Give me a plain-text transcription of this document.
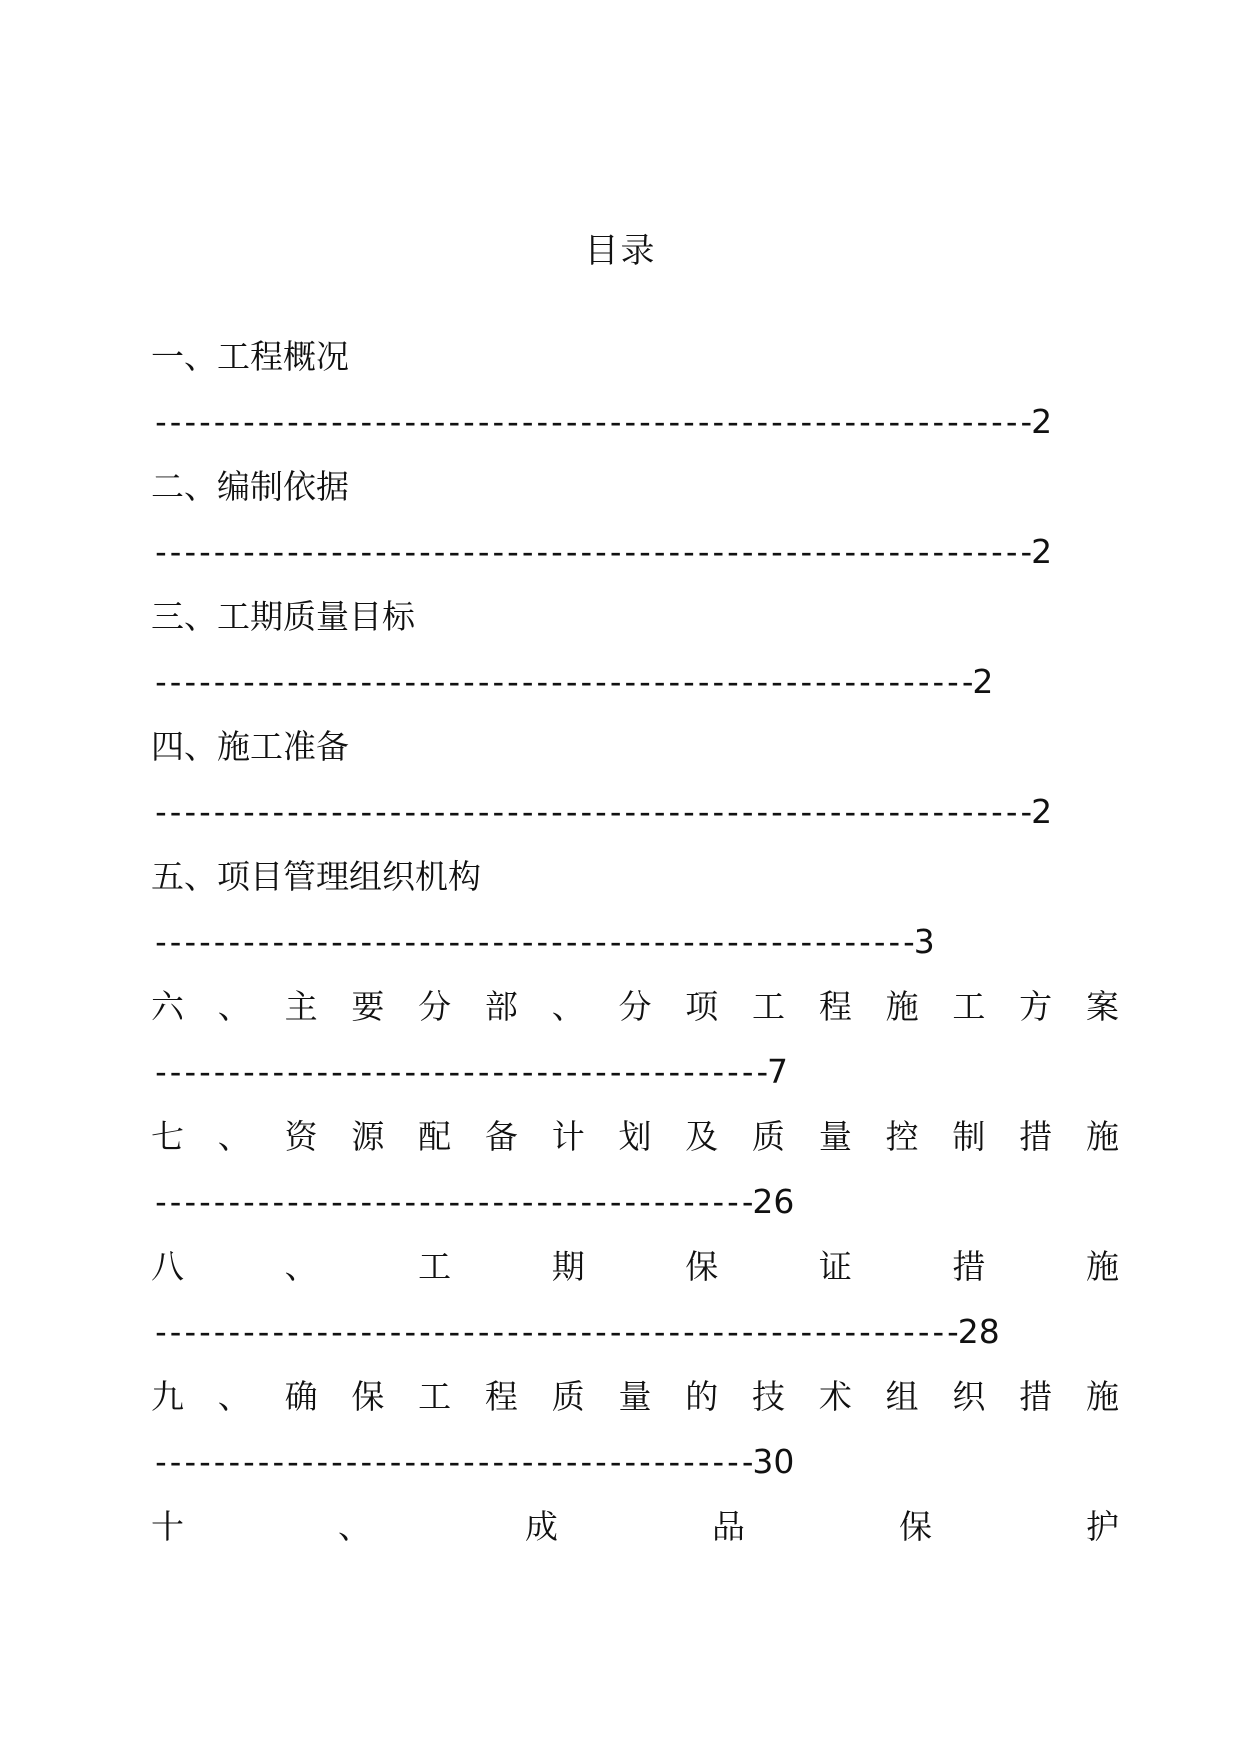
目录
一、工程概况
------------------------------------------------------------2
二、编制依据
------------------------------------------------------------2
三、工期质量目标
--------------------------------------------------------2
四、施工准备
------------------------------------------------------------2
五、项目管理组织机构
----------------------------------------------------3
六 、 主 要 分 部 、 分 项 工 程 施 工 方 案
------------------------------------------7
七 、 资 源 配 备 计 划 及 质 量 控 制 措 施
-----------------------------------------26
八	、	工	期	保	证	措	施
-------------------------------------------------------28
九 、 确 保 工 程 质 量 的 技 术 组 织 措 施
-----------------------------------------30
十	、	成	品	保	护
